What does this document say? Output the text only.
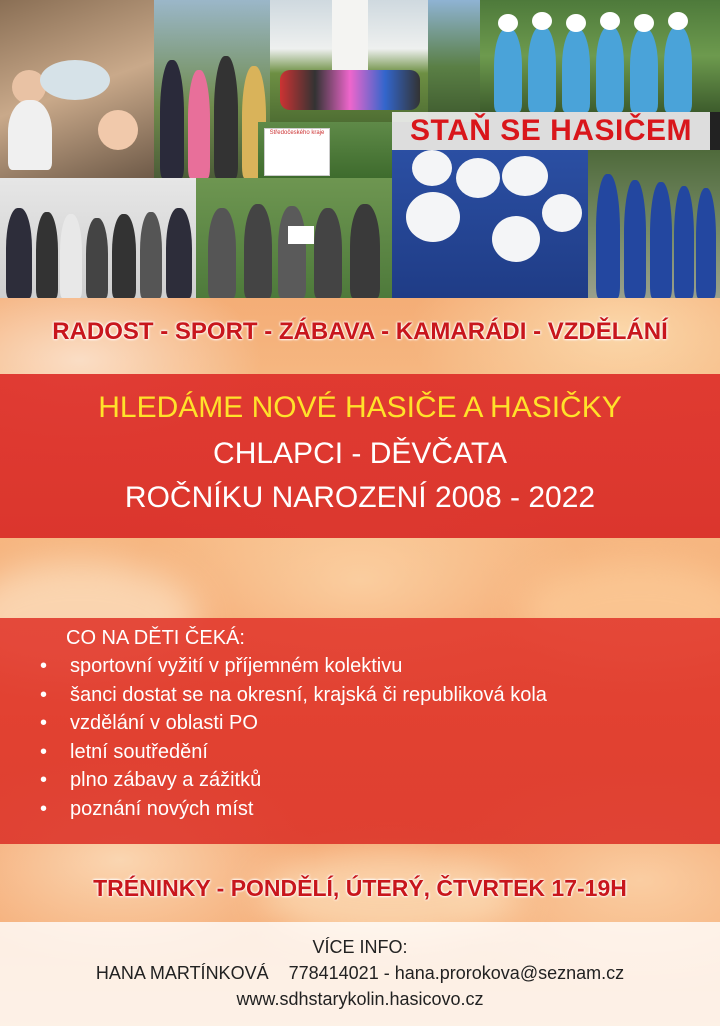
Středočeského kraje	STAŇ SE HASIČEM
RADOST - SPORT - ZÁBAVA - KAMARÁDI - VZDĚLÁNÍ
HLEDÁME NOVÉ HASIČE A HASIČKY
CHLAPCI - DĚVČATA
ROČNÍKU NAROZENÍ 2008 - 2022
CO NA DĚTI ČEKÁ:
• sportovní vyžití v příjemném kolektivu
• šanci dostat se na okresní, krajská či republiková kola
• vzdělání v oblasti PO
• letní soutředění
• plno zábavy a zážitků
• poznání nových míst
TRÉNINKY - PONDĚLÍ, ÚTERÝ, ČTVRTEK 17-19H
VÍCE INFO:
HANA MARTÍNKOVÁ 778414021 - hana.prorokova@seznam.cz
www.sdhstarykolin.hasicovo.cz
